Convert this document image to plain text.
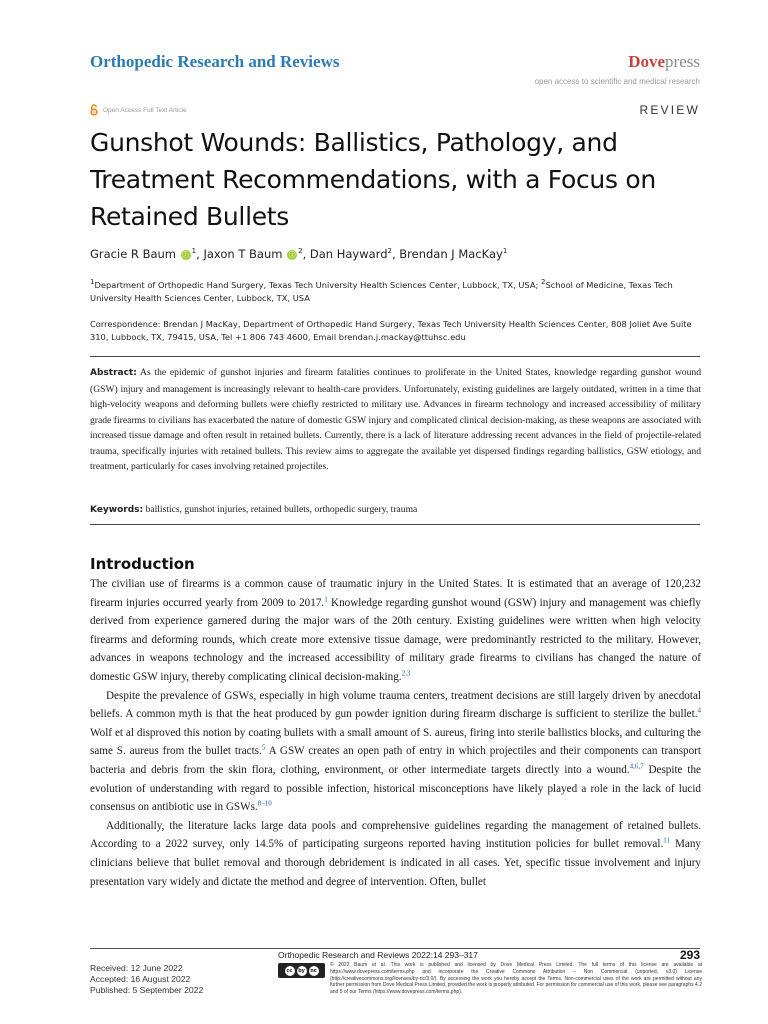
Orthopedic Research and Reviews	Dovepress
open access to scientific and medical research
Open Access Full Text Article	REVIEW
Gunshot Wounds: Ballistics, Pathology, and Treatment Recommendations, with a Focus on Retained Bullets
Gracie R Baum ⓘ $^1$, Jaxon T Baum ⓘ $^2$, Dan Hayward$^2$, Brendan J MacKay$^1$
$^1$Department of Orthopedic Hand Surgery, Texas Tech University Health Sciences Center, Lubbock, TX, USA; $^2$School of Medicine, Texas Tech University Health Sciences Center, Lubbock, TX, USA
Correspondence: Brendan J MacKay, Department of Orthopedic Hand Surgery, Texas Tech University Health Sciences Center, 808 Joliet Ave Suite 310, Lubbock, TX, 79415, USA, Tel +1 806 743 4600, Email brendan.j.mackay@ttuhsc.edu
Abstract: As the epidemic of gunshot injuries and firearm fatalities continues to proliferate in the United States, knowledge regarding gunshot wound (GSW) injury and management is increasingly relevant to health-care providers. Unfortunately, existing guidelines are largely outdated, written in a time that high-velocity weapons and deforming bullets were chiefly restricted to military use. Advances in firearm technology and increased accessibility of military grade firearms to civilians has exacerbated the nature of domestic GSW injury and complicated clinical decision-making, as these weapons are associated with increased tissue damage and often result in retained bullets. Currently, there is a lack of literature addressing recent advances in the field of projectile-related trauma, specifically injuries with retained bullets. This review aims to aggregate the available yet dispersed findings regarding ballistics, GSW etiology, and treatment, particularly for cases involving retained projectiles.
Keywords: ballistics, gunshot injuries, retained bullets, orthopedic surgery, trauma
Introduction

The civilian use of firearms is a common cause of traumatic injury in the United States. It is estimated that an average of 120,232 firearm injuries occurred yearly from 2009 to 2017.$^1$ Knowledge regarding gunshot wound (GSW) injury and management was chiefly derived from experience garnered during the major wars of the 20th century. Existing guidelines were written when high velocity firearms and deforming rounds, which create more extensive tissue damage, were predominantly restricted to the military. However, advances in weapons technology and the increased accessibility of military grade firearms to civilians has changed the nature of domestic GSW injury, thereby complicating clinical decision-making.$^{2,3}$

Despite the prevalence of GSWs, especially in high volume trauma centers, treatment decisions are still largely driven by anecdotal beliefs. A common myth is that the heat produced by gun powder ignition during firearm discharge is sufficient to sterilize the bullet.$^4$ Wolf et al disproved this notion by coating bullets with a small amount of S. aureus, firing into sterile ballistics blocks, and culturing the same S. aureus from the bullet tracts.$^5$ A GSW creates an open path of entry in which projectiles and their components can transport bacteria and debris from the skin flora, clothing, environment, or other intermediate targets directly into a wound.$^{4,6,7}$ Despite the evolution of understanding with regard to possible infection, historical misconceptions have likely played a role in the lack of lucid consensus on antibiotic use in GSWs.$^{8-10}$

Additionally, the literature lacks large data pools and comprehensive guidelines regarding the management of retained bullets. According to a 2022 survey, only 14.5% of participating surgeons reported having institution policies for bullet removal.$^{11}$ Many clinicians believe that bullet removal and thorough debridement is indicated in all cases. Yet, specific tissue involvement and injury presentation vary widely and dictate the method and degree of intervention. Often, bullet

Orthopedic Research and Reviews 2022:14 293–317	293
Received: 12 June 2022
Accepted: 16 August 2022
Published: 5 September 2022
cc	by	nc
© 2022 Baum et al. This work is published and licensed by Dove Medical Press Limited. The full terms of this license are available at https://www.dovepress.com/terms.php and incorporate the Creative Commons Attribution – Non Commercial (unported, v3.0) License (http://creativecommons.org/licenses/by-nc/3.0/). By accessing the work you hereby accept the Terms. Non-commercial uses of the work are permitted without any further permission from Dove Medical Press Limited, provided the work is properly attributed. For permission for commercial use of this work, please see paragraphs 4.2 and 5 of our Terms (https://www.dovepress.com/terms.php).
